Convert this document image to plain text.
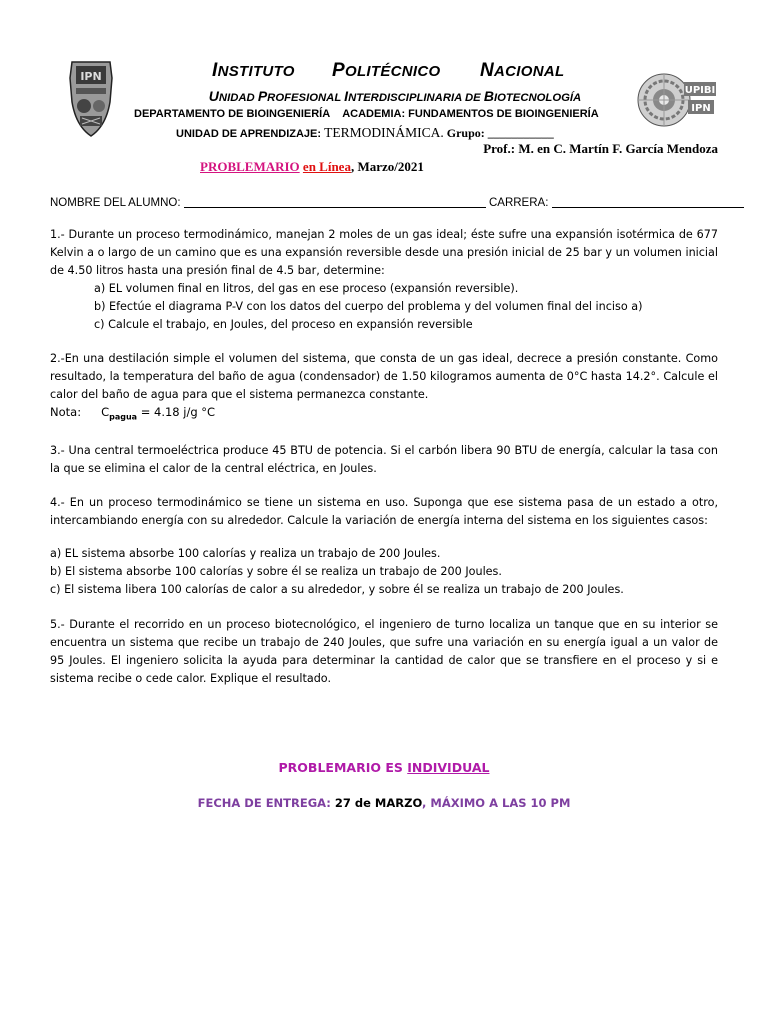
IPN
UPIBI
IPN
INSTITUTO POLITÉCNICO NACIONAL
UNIDAD PROFESIONAL INTERDISCIPLINARIA DE BIOTECNOLOGÍA
DEPARTAMENTO DE BIOINGENIERÍA ACADEMIA: FUNDAMENTOS DE BIOINGENIERÍA
UNIDAD DE APRENDIZAJE: TERMODINÁMICA. Grupo: ___________
Prof.: M. en C. Martín F. García Mendoza
PROBLEMARIO en Línea, Marzo/2021
NOMBRE DEL ALUMNO:	CARRERA:
1.- Durante un proceso termodinámico, manejan 2 moles de un gas ideal; éste sufre una expansión isotérmica de 677 Kelvin a o largo de un camino que es una expansión reversible desde una presión inicial de 25 bar y un volumen inicial de 4.50 litros hasta una presión final de 4.5 bar, determine:
a) EL volumen final en litros, del gas en ese proceso (expansión reversible).
b) Efectúe el diagrama P-V con los datos del cuerpo del problema y del volumen final del inciso a)
c) Calcule el trabajo, en Joules, del proceso en expansión reversible
2.-En una destilación simple el volumen del sistema, que consta de un gas ideal, decrece a presión constante. Como resultado, la temperatura del baño de agua (condensador) de 1.50 kilogramos aumenta de 0°C hasta 14.2°. Calcule el calor del baño de agua para que el sistema permanezca constante.
Nota: $C_{pagua} = 4.18$ j/g °C
3.- Una central termoeléctrica produce 45 BTU de potencia. Si el carbón libera 90 BTU de energía, calcular la tasa con la que se elimina el calor de la central eléctrica, en Joules.
4.- En un proceso termodinámico se tiene un sistema en uso. Suponga que ese sistema pasa de un estado a otro, intercambiando energía con su alrededor. Calcule la variación de energía interna del sistema en los siguientes casos:
a) EL sistema absorbe 100 calorías y realiza un trabajo de 200 Joules.
b) El sistema absorbe 100 calorías y sobre él se realiza un trabajo de 200 Joules.
c) El sistema libera 100 calorías de calor a su alrededor, y sobre él se realiza un trabajo de 200 Joules.
5.- Durante el recorrido en un proceso biotecnológico, el ingeniero de turno localiza un tanque que en su interior se encuentra un sistema que recibe un trabajo de 240 Joules, que sufre una variación en su energía igual a un valor de 95 Joules. El ingeniero solicita la ayuda para determinar la cantidad de calor que se transfiere en el proceso y si e sistema recibe o cede calor. Explique el resultado.
PROBLEMARIO ES INDIVIDUAL
FECHA DE ENTREGA: 27 de MARZO, MÁXIMO A LAS 10 PM
